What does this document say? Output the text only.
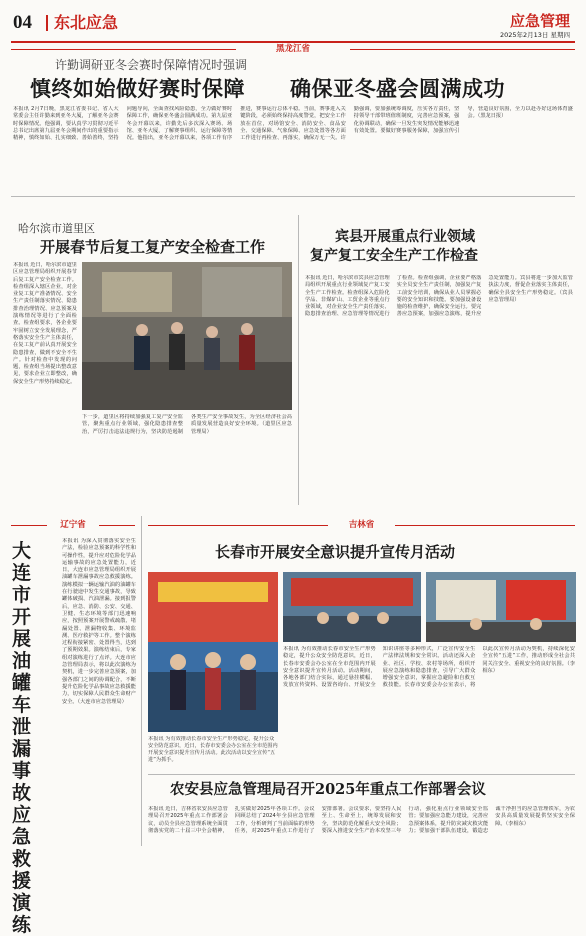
04 东北应急	应急管理
2025年2月13日 星期四
黑龙江省
许勤调研亚冬会赛时保障情况时强调
慎终如始做好赛时保障 确保亚冬盛会圆满成功
本报讯 2月7日晚，黑龙江省委书记、省人大常委会主任许勤来到亚冬大厦，了解亚冬会赛时保障情况。他强调，要认真学习贯彻习近平总书记出席第九届亚冬会期间作出的重要指示精神，慎终如始、扎实细致、善始善终，坚持问题导向，全面查找风险隐患，全力做好赛时保障工作，确保亚冬盛会圆满成功。第九届亚冬会开幕以来，许勤先后多次深入赛场、场馆、亚冬大厦，了解赛事组织、运行保障等情况。他指出，亚冬会开幕以来，各项工作有序推进，赛事运行总体平稳。当前，赛事进入关键阶段，必须始终保持高度警觉，把安全工作放在首位，对场馆安全、消防安全、食品安全、交通保障、气象保障、应急处置等各方面工作进行再检查、再落实，确保万无一失。许勤强调，要加强统筹调度，压实各方责任，坚持领导干部带班值班制度，完善应急预案，强化协调联动，确保一旦发生突发情况能够迅速有效处置。要做好赛事服务保障，加强宣传引导，营造良好氛围，全力以赴办好这场体育盛会。（黑龙日报）
哈尔滨市道里区
开展春节后复工复产安全检查工作
本报讯 近日，哈尔滨市道里区应急管理局组织开展春节后复工复产安全检查工作。检查组深入辖区企业，对企业复工复产准备情况、安全生产责任制落实情况、隐患排查治理情况、应急预案及演练情况等进行了全面检查。检查组要求，各企业要牢固树立安全发展理念，严格落实安全生产主体责任，在复工复产前认真开展安全隐患排查，做到不安全不生产。针对检查中发现的问题，检查组当场提出整改意见，要求企业立即整改，确保安全生产形势持续稳定。
下一步，道里区将持续加强复工复产安全监管，聚焦重点行业领域，强化隐患排查整治，严厉打击违法违规行为，坚决防范遏制各类生产安全事故发生，为全区经济社会高质量发展营造良好安全环境。（道里区应急管理局）
宾县开展重点行业领域
复产复工安全生产工作检查
本报讯 近日，哈尔滨市宾县应急管理局组织开展重点行业领域复产复工安全生产工作检查。检查组深入危险化学品、非煤矿山、工贸企业等重点行业领域，对企业安全生产责任落实、隐患排查治理、应急管理等情况进行了检查。检查组强调，企业要严格落实全员安全生产责任制，加强复产复工前安全培训，确保从业人员掌握必要的安全知识和技能。要加强设备设施的检查维护，确保安全运行。要完善应急预案，加强应急演练，提升应急处置能力。宾县将进一步加大监管执法力度，督促企业落实主体责任，确保全县安全生产形势稳定。（宾县应急管理局）
辽宁省
大连市开展油罐车泄漏事故应急救援演练
本报讯 为深入贯彻落实安全生产法，检验应急预案的科学性和可操作性，提升应对危险化学品运输事故的应急处置能力，近日，大连市应急管理局组织开展油罐车泄漏事故应急救援演练。演练模拟一辆运输汽油的油罐车在行驶途中发生交通事故，导致罐体破损、汽油泄漏。接到报警后，应急、消防、公安、交通、卫健、生态环境等部门迅速响应，按照预案开展警戒疏散、堵漏处置、泄漏物收集、环境监测、医疗救护等工作。整个演练过程衔接紧密、处置得当，达到了预期效果。演练结束后，专家组对演练进行了点评。大连市应急管理局表示，将以此次演练为契机，进一步完善应急预案，加强各部门之间的协调配合，不断提升危险化学品事故应急救援能力，切实保障人民群众生命财产安全。（大连市应急管理局）
吉林省
长春市开展安全意识提升宣传月活动
本报讯 为有效推动长春市安全生产形势稳定，提升公众安全防范意识，近日，长春市安委会办公室在全市范围内开展安全意识提升宣传月活动。活动期间，各地各部门结合实际，通过悬挂横幅、发放宣传资料、设置咨询台、开展安全知识讲座等多种形式，广泛宣传安全生产法律法规和安全常识。活动还深入企业、社区、学校、农村等场所，组织开展应急演练和隐患排查，引导广大群众增强安全意识，掌握应急避险和自救互救技能。长春市安委会办公室表示，将以此次宣传月活动为契机，持续深化安全宣传“五进”工作，推动形成全社会共同关注安全、重视安全的良好氛围。（李相东）
本报讯 为有效推动长春市安全生产形势稳定，提升公众安全防范意识，近日，长春市安委会办公室在全市范围内开展安全意识提升宣传月活动。此次活动以安全宣传“五进”为抓手。
农安县应急管理局召开2025年重点工作部署会议
本报讯 近日，吉林省农安县应急管理局召开2025年重点工作部署会议，动员全县应急管理系统全面贯彻落实党的二十届三中全会精神，扎实做好2025年各项工作。会议回顾总结了2024年全县应急管理工作，分析研判了当前面临的形势任务，对2025年重点工作进行了安排部署。会议要求，要坚持人民至上、生命至上，统筹发展和安全，坚决防范化解重大安全风险；要深入推进安全生产治本攻坚三年行动，强化重点行业领域安全监管；要加强应急能力建设，完善应急预案体系，提升防灾减灾救灾能力；要加强干部队伍建设，锻造忠诚干净担当的应急管理铁军，为农安县高质量发展提供坚实安全保障。（李相东）
